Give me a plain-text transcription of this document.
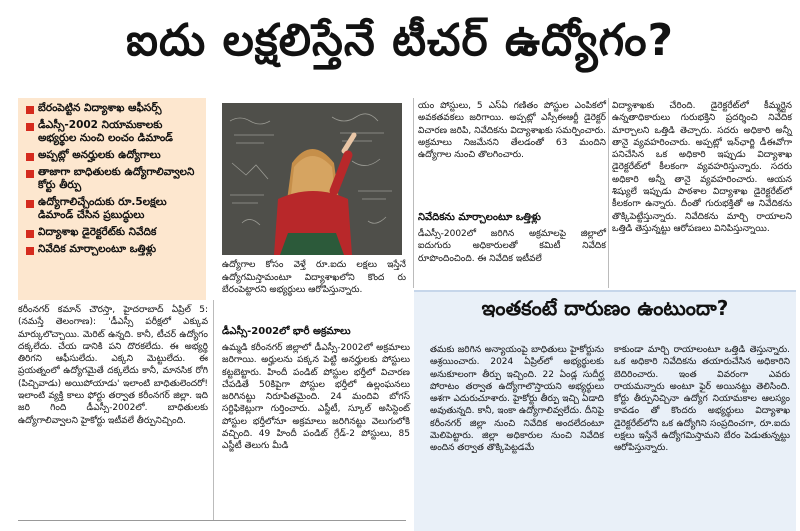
ఐదు లక్షలిస్తేనే టీచర్ ఉద్యోగం?
బేరంపెట్టిన విద్యాశాఖ ఆఫీసర్స్
డీఎస్సీ-2002 నియామకాలకు అభ్యర్థుల నుంచి లంచం డిమాండ్
అప్పట్లో అనర్హులకు ఉద్యోగాలు
తాజాగా బాధితులకు ఉద్యోగాలివ్వాలని కోర్టు తీర్పు
ఉద్యోగాలిచ్చేందుకు రూ.5లక్షలు డిమాండ్ చేసిన ప్రబుద్ధులు
విద్యాశాఖ డైరెక్టరేట్‌కు నివేదిక
నివేదిక మార్చాలంటూ ఒత్తిళ్లు
ఉద్యోగాల కోసం వెళ్తే రూ.ఐదు లక్షలు ఇస్తేనే ఉద్యోగమిస్తామంటూ విద్యాశాఖలోని కొంద రు బేరంపెట్టారని అభ్యర్థులు ఆరోపిస్తున్నారు.
కరీంనగర్ కమాన్ చౌరస్తా, హైదరాబాద్ ఏప్రిల్ 5: (నమస్తే తెలంగాణ): 'డీఎస్సీ పరీక్షలో ఎక్కువ మార్కులొచ్చాయి. మెరిట్ ఉన్నది. కానీ, టీచర్ ఉద్యోగం దక్కలేదు. చేయ డానికి పని దొరకలేదు. ఈ అభ్యర్థి తిరిగని ఆఫీసులేదు. ఎక్కని మెట్టులేదు. ఈ ప్రయత్నంలో ఉద్యోగమైతే దక్కలేదు కానీ, మానసిక రోగి (పిచ్చివాడు) అయిపోయాడు' ఇలాంటి బాధితులెందరో! ఇలాంటి వ్యక్తి కాలు ఫోర్టు తర్వాత కరీంనగర్ జిల్లా. ఇది జరి గింది డీఎస్సీ-2002లో. బాధితులకు ఉద్యోగాలివ్వాలని హైకోర్టు ఇటీవలే తీర్పునిచ్చింది.
డీఎస్సీ-2002లో భారీ అక్రమాలు
ఉమ్మడి కరీంనగర్ జిల్లాలో డీఎస్సీ-2002లో అక్రమాలు జరిగాయి. అర్హులను పక్కన పెట్టి అనర్హులకు పోస్టులు కట్టబెట్టారు. హిందీ పండిట్ పోస్టుల భర్తీలో విచారణ చేపడితే 50కిపైగా పోస్టుల భర్తీలో ఉల్లంఘనలు జరిగినట్టు నిరూపితమైంది. 24 మందివి బోగస్ సర్టిఫికెట్లుగా గుర్తించారు. ఎస్జీటీ, స్కూల్ అసిస్టెంట్ పోస్టుల భర్తీలోనూ అక్రమాలు జరిగినట్టు వెలుగులోకి వచ్చింది. 49 హిందీ పండిట్ గ్రేడ్-2 పోస్టులు, 85 ఎస్జీటీ తెలుగు మీడి
యం పోస్టులు, 5 ఎస్ఏ గణితం పోస్టుల ఎంపికలో అవకతవకలు జరిగాయి. అప్పట్లో ఎస్సీఈఆర్టీ డైరెక్టర్ విచారణ జరిపి, నివేదికను విద్యాశాఖకు సమర్పించారు. అక్రమాలు నిజమేనని తేలడంతో 63 మందిని ఉద్యోగాల నుంచి తొలగించారు.
నివేదికను మార్చాలంటూ ఒత్తిళ్లు
డీఎస్సీ-2002లో జరిగిన అక్రమాలపై జిల్లాలో ఐదుగురు అధికారులతో కమిటీ నివేదిక రూపొందించింది. ఈ నివేదిక ఇటీవలే
విద్యాశాఖకు చేరింది. డైరెక్టరేట్‌లో కీమ్మర్లైన ఉన్నతాధికారులు గురుభక్తిని ప్రదర్శించి నివేదిక మార్చాలని ఒత్తిడి తెచ్చారు. సదరు అధికారి అన్నీ తానై వ్యవహరించారు. అప్పట్లో ఇన్‌ఛార్జి డీఈవోగా పనిచేసిన ఒక అధికారి ఇప్పుడు విద్యాశాఖ డైరెక్టరేట్‌లో కీలకంగా వ్యవహరిస్తున్నారు. సదరు అధికారి అన్నీ తానై వ్యవహరించారు. ఆయన శిష్యులే ఇప్పుడు పాఠశాల విద్యాశాఖ డైరెక్టరేట్‌లో కీలకంగా ఉన్నారు. దీంతో గురుభక్తితో ఆ నివేదికను తొక్కిపెట్టేస్తున్నారు. నివేదికను మార్చి రాయాలని ఒత్తిడి తెస్తున్నట్టు ఆరోపణలు వినిపిస్తున్నాయి.
ఇంతకంటే దారుణం ఉంటుందా?
తమకు జరిగిన అన్యాయంపై బాధితులు హైకోర్టును ఆశ్రయించారు. 2024 ఏప్రిల్‌లో అభ్యర్థులకు అనుకూలంగా తీర్పు ఇచ్చింది. 22 ఏండ్ల సుదీర్ఘ పోరాటం తర్వాత ఉద్యోగాలొస్తాయని అభ్యర్థులు ఆశగా ఎదురుచూశారు. హైకోర్టు తీర్పు ఇచ్చి ఏడాది అవుతున్నది. కానీ, ఇంకా ఉద్యోగాలివ్వలేదు. దీనిపై కరీంనగర్ జిల్లా నుంచి నివేదిక అందలేదంటూ మెలిపెట్టారు. జిల్లా అధికారుల నుంచి నివేదిక అందిన తర్వాత తొక్కిపెట్టడమే
కాకుండా మార్చి రాయాలంటూ ఒత్తిడి తెస్తున్నారు. ఒక అధికారి నివేదికను తయారుచేసిన అధికారిని బెదిరించారు. ఇంత వివరంగా ఎవరు రాయమన్నారు అంటూ ఫైర్ అయినట్టు తెలిసింది. కోర్టు తీర్పునిచ్చినా ఉద్యోగ నియామకాల ఆలస్యం కావడం తో కొందరు అభ్యర్థులు విద్యాశాఖ డైరెక్టరేట్‌లోని ఒక ఉద్యోగిని సంప్రదించగా, రూ.ఐదు లక్షలు ఇస్తేనే ఉద్యోగమిస్తామని బేరం పెడుతున్నట్టు ఆరోపిస్తున్నారు.
